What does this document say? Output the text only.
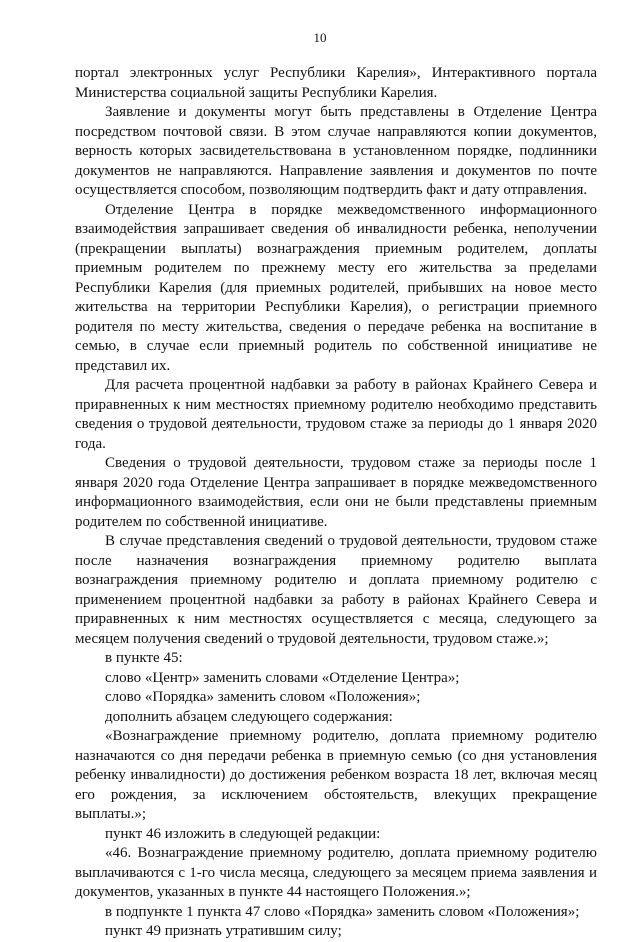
10

портал электронных услуг Республики Карелия», Интерактивного портала Министерства социальной защиты Республики Карелия.

Заявление и документы могут быть представлены в Отделение Центра посредством почтовой связи. В этом случае направляются копии документов, верность которых засвидетельствована в установленном порядке, подлинники документов не направляются. Направление заявления и документов по почте осуществляется способом, позволяющим подтвердить факт и дату отправления.

Отделение Центра в порядке межведомственного информационного взаимодействия запрашивает сведения об инвалидности ребенка, неполучении (прекращении выплаты) вознаграждения приемным родителем, доплаты приемным родителем по прежнему месту его жительства за пределами Республики Карелия (для приемных родителей, прибывших на новое место жительства на территории Республики Карелия), о регистрации приемного родителя по месту жительства, сведения о передаче ребенка на воспитание в семью, в случае если приемный родитель по собственной инициативе не представил их.

Для расчета процентной надбавки за работу в районах Крайнего Севера и приравненных к ним местностях приемному родителю необходимо представить сведения о трудовой деятельности, трудовом стаже за периоды до 1 января 2020 года.

Сведения о трудовой деятельности, трудовом стаже за периоды после 1 января 2020 года Отделение Центра запрашивает в порядке межведомственного информационного взаимодействия, если они не были представлены приемным родителем по собственной инициативе.

В случае представления сведений о трудовой деятельности, трудовом стаже после назначения вознаграждения приемному родителю выплата вознаграждения приемному родителю и доплата приемному родителю с применением процентной надбавки за работу в районах Крайнего Севера и приравненных к ним местностях осуществляется с месяца, следующего за месяцем получения сведений о трудовой деятельности, трудовом стаже.»;

в пункте 45:

слово «Центр» заменить словами «Отделение Центра»;

слово «Порядка» заменить словом «Положения»;

дополнить абзацем следующего содержания:

«Вознаграждение приемному родителю, доплата приемному родителю назначаются со дня передачи ребенка в приемную семью (со дня установления ребенку инвалидности) до достижения ребенком возраста 18 лет, включая месяц его рождения, за исключением обстоятельств, влекущих прекращение выплаты.»;

пункт 46 изложить в следующей редакции:

«46. Вознаграждение приемному родителю, доплата приемному родителю выплачиваются с 1-го числа месяца, следующего за месяцем приема заявления и документов, указанных в пункте 44 настоящего Положения.»;

в подпункте 1 пункта 47 слово «Порядка» заменить словом «Положения»;

пункт 49 признать утратившим силу;
